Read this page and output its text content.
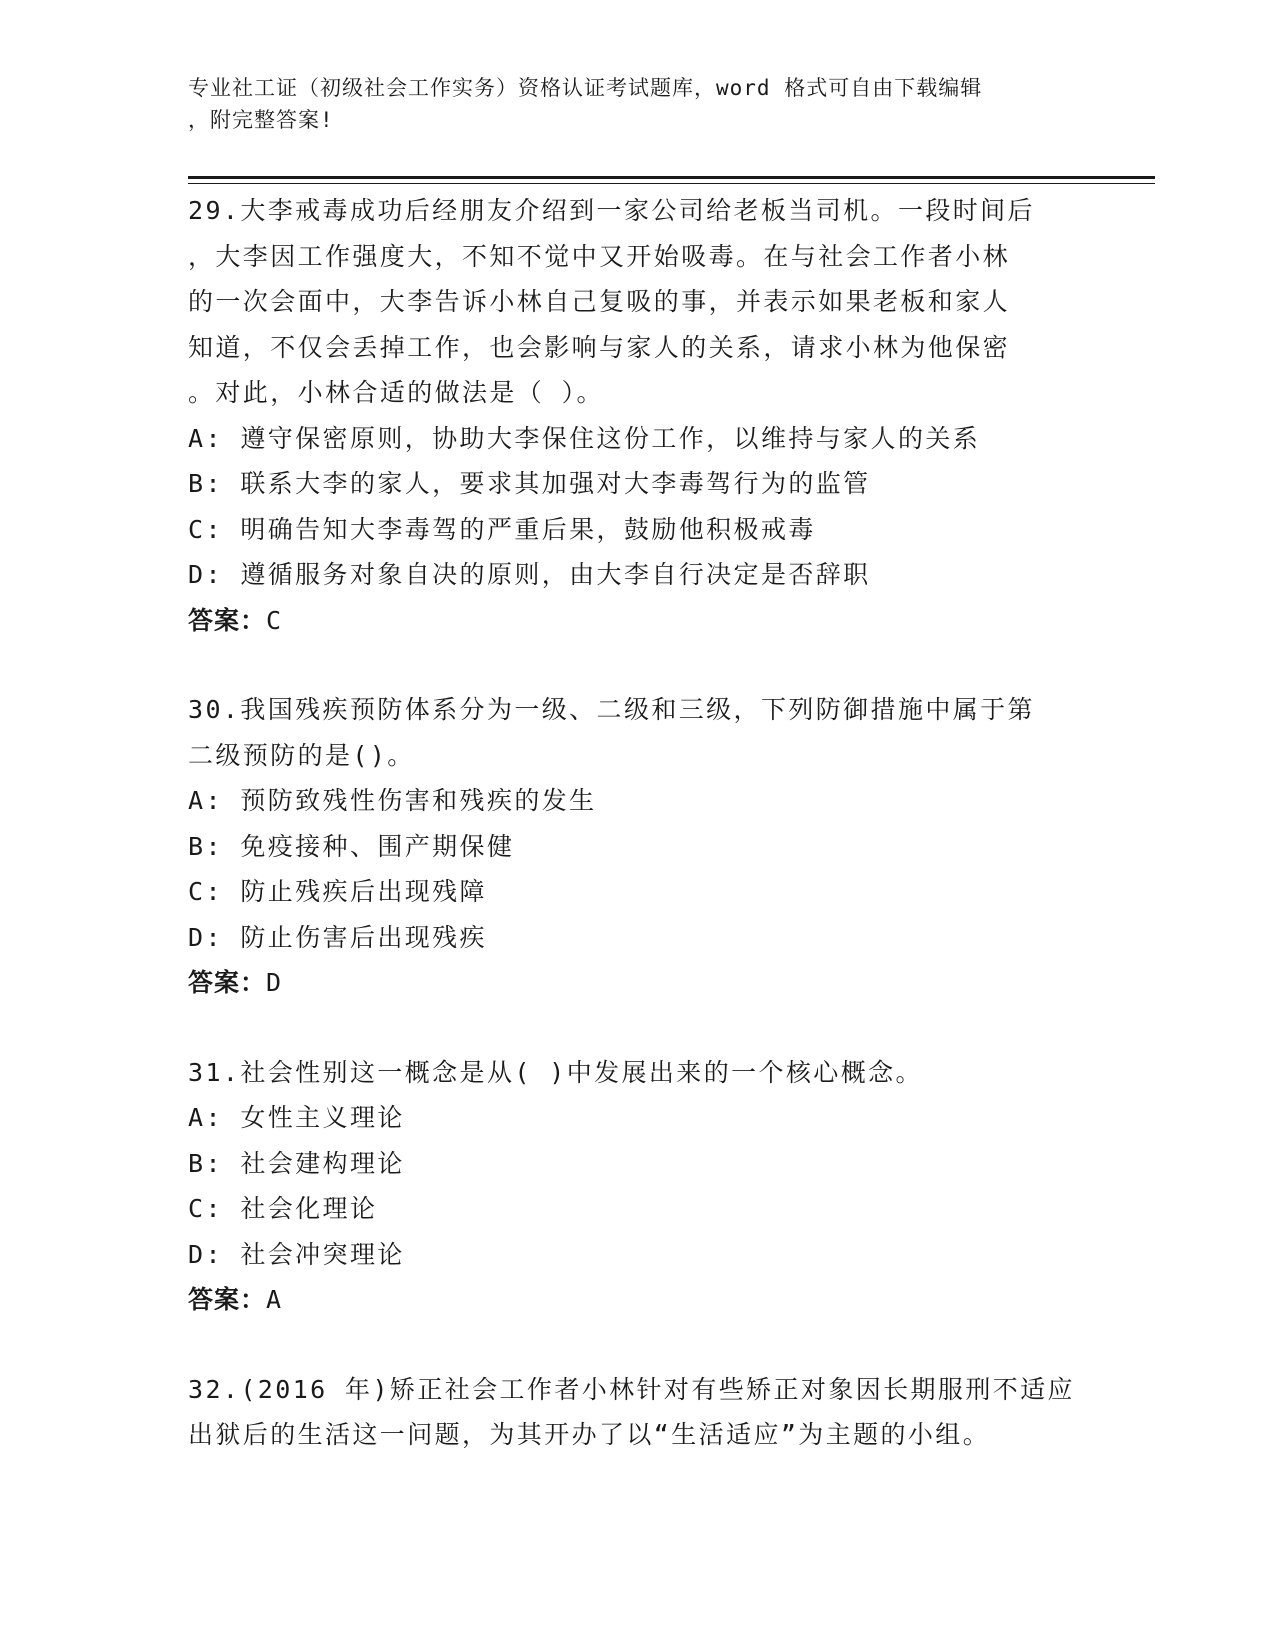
专业社工证（初级社会工作实务）资格认证考试题库，word 格式可自由下载编辑
，附完整答案!
29.大李戒毒成功后经朋友介绍到一家公司给老板当司机。一段时间后
，大李因工作强度大，不知不觉中又开始吸毒。在与社会工作者小林
的一次会面中，大李告诉小林自己复吸的事，并表示如果老板和家人
知道，不仅会丢掉工作，也会影响与家人的关系，请求小林为他保密
。对此，小林合适的做法是（ ）。
A: 遵守保密原则，协助大李保住这份工作，以维持与家人的关系
B: 联系大李的家人，要求其加强对大李毒驾行为的监管
C: 明确告知大李毒驾的严重后果，鼓励他积极戒毒
D: 遵循服务对象自决的原则，由大李自行决定是否辞职
答案：C
30.我国残疾预防体系分为一级、二级和三级，下列防御措施中属于第
二级预防的是()。
A: 预防致残性伤害和残疾的发生
B: 免疫接种、围产期保健
C: 防止残疾后出现残障
D: 防止伤害后出现残疾
答案：D
31.社会性别这一概念是从( )中发展出来的一个核心概念。
A: 女性主义理论
B: 社会建构理论
C: 社会化理论
D: 社会冲突理论
答案：A
32.(2016 年)矫正社会工作者小林针对有些矫正对象因长期服刑不适应
出狱后的生活这一问题，为其开办了以“生活适应”为主题的小组。
